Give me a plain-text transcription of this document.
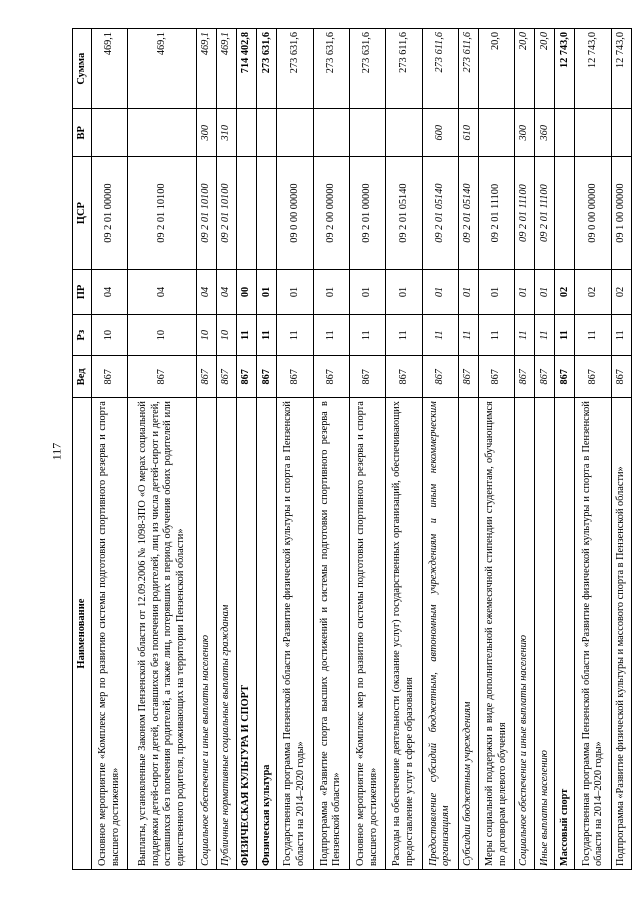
117
Наименование	Вед	Рз	ПР	ЦСР	ВР	Сумма
Основное мероприятие «Комплекс мер по развитию системы подготовки спортивного резерва и спорта высшего достижения»	867	10	04	09 2 01 00000		469,1
Выплаты, установленные Законом Пензенской области от 12.09.2006 № 1098-ЗПО «О мерах социальной поддержки детей-сирот и детей, оставшихся без попечения родителей, лиц из числа детей-сирот и детей, оставшихся без попечения родителей, а также лиц, потерявших в период обучения обоих родителей или единственного родителя, проживающих на территории Пензенской области»	867	10	04	09 2 01 10100		469,1
Социальное обеспечение и иные выплаты населению	867	10	04	09 2 01 10100	300	469,1
Публичные нормативные социальные выплаты гражданам	867	10	04	09 2 01 10100	310	469,1
ФИЗИЧЕСКАЯ КУЛЬТУРА И СПОРТ	867	11	00			714 402,8
Физическая культура	867	11	01			273 631,6
Государственная программа Пензенской области «Развитие физической культуры и спорта в Пензенской области на 2014–2020 годы»	867	11	01	09 0 00 00000		273 631,6
Подпрограмма «Развитие спорта высших достижений и системы подготовки спортивного резерва в Пензенской области»	867	11	01	09 2 00 00000		273 631,6
Основное мероприятие «Комплекс мер по развитию системы подготовки спортивного резерва и спорта высшего достижения»	867	11	01	09 2 01 00000		273 631,6
Расходы на обеспечение деятельности (оказание услуг) государственных организаций, обеспечивающих предоставление услуг в сфере образования	867	11	01	09 2 01 05140		273 611,6
Предоставление субсидий бюджетным, автономным учреждениям и иным некоммерческим организациям	867	11	01	09 2 01 05140	600	273 611,6
Субсидии бюджетным учреждениям	867	11	01	09 2 01 05140	610	273 611,6
Меры социальной поддержки в виде дополнительной ежемесячной стипендии студентам, обучающимся по договорам целевого обучения	867	11	01	09 2 01 11100		20,0
Социальное обеспечение и иные выплаты населению	867	11	01	09 2 01 11100	300	20,0
Иные выплаты населению	867	11	01	09 2 01 11100	360	20,0
Массовый спорт	867	11	02			12 743,0
Государственная программа Пензенской области «Развитие физической культуры и спорта в Пензенской области на 2014–2020 годы»	867	11	02	09 0 00 00000		12 743,0
Подпрограмма «Развитие физической культуры и массового спорта в Пензенской области»	867	11	02	09 1 00 00000		12 743,0
